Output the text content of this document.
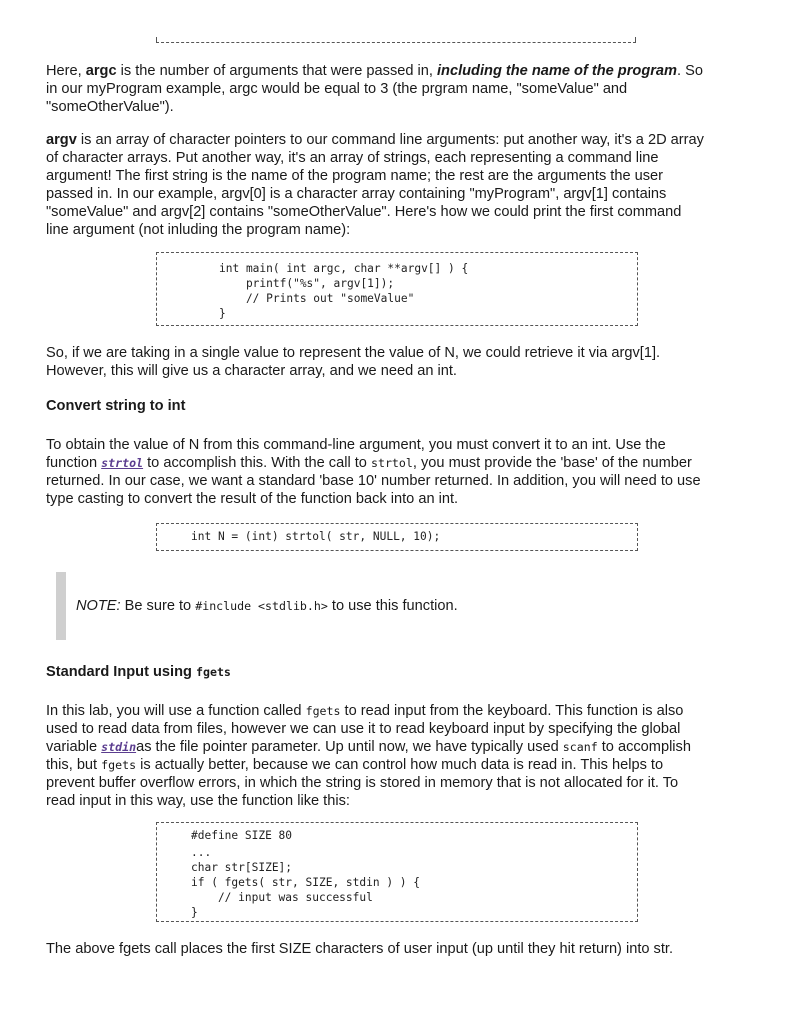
Here, argc is the number of arguments that were passed in, including the name of the program. So
in our myProgram example, argc would be equal to 3 (the prgram name, "someValue" and
"someOtherValue").
argv is an array of character pointers to our command line arguments: put another way, it's a 2D array
of character arrays. Put another way, it's an array of strings, each representing a command line
argument! The first string is the name of the program name; the rest are the arguments the user
passed in. In our example, argv[0] is a character array containing "myProgram", argv[1] contains
"someValue" and argv[2] contains "someOtherValue". Here's how we could print the first command
line argument (not inluding the program name):
int main( int argc, char **argv[] ) {
printf("%s", argv[1]);
// Prints out "someValue"
}
So, if we are taking in a single value to represent the value of N, we could retrieve it via argv[1].
However, this will give us a character array, and we need an int.
Convert string to int
To obtain the value of N from this command-line argument, you must convert it to an int. Use the
function strtol to accomplish this. With the call to strtol, you must provide the 'base' of the number
returned. In our case, we want a standard 'base 10' number returned. In addition, you will need to use
type casting to convert the result of the function back into an int.
int N = (int) strtol( str, NULL, 10);
NOTE: Be sure to #include <stdlib.h> to use this function.
Standard Input using fgets
In this lab, you will use a function called fgets to read input from the keyboard. This function is also
used to read data from files, however we can use it to read keyboard input by specifying the global
variable stdinas the file pointer parameter. Up until now, we have typically used scanf to accomplish
this, but fgets is actually better, because we can control how much data is read in. This helps to
prevent buffer overflow errors, in which the string is stored in memory that is not allocated for it. To
read input in this way, use the function like this:
#define SIZE 80
...
char str[SIZE];
if ( fgets( str, SIZE, stdin ) ) {
// input was successful
}
The above fgets call places the first SIZE characters of user input (up until they hit return) into str.
